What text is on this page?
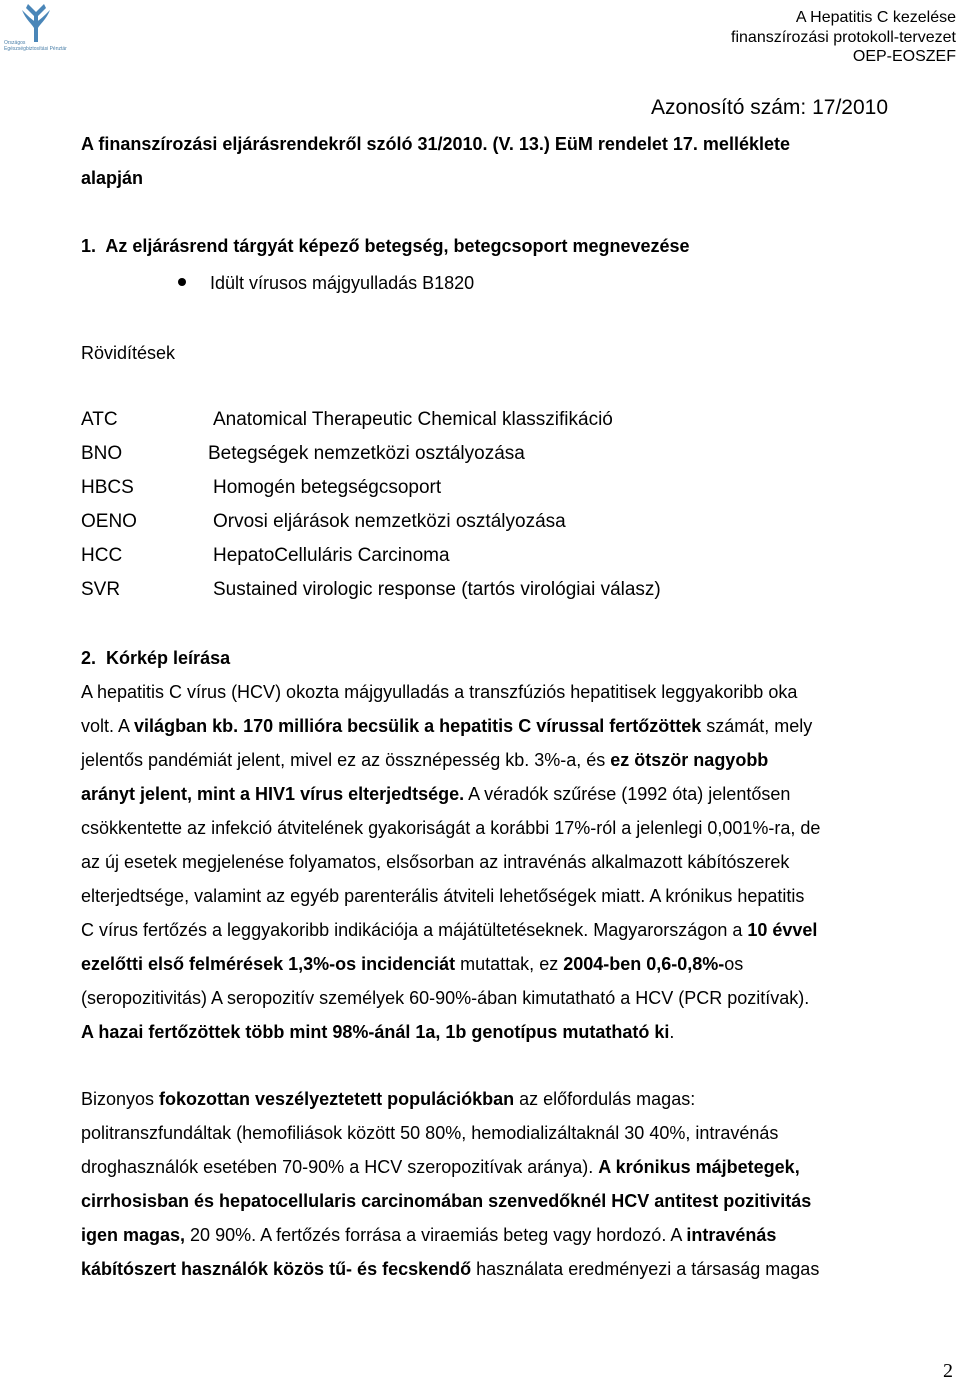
Országos Egészségbiztosítási Pénztár
A Hepatitis C kezelése
finanszírozási protokoll-tervezet
OEP-EOSZEF
Azonosító szám: 17/2010
A finanszírozási eljárásrendekről szóló 31/2010. (V. 13.) EüM rendelet 17. melléklete
alapján
1. Az eljárásrend tárgyát képező betegség, betegcsoport megnevezése
Idült vírusos májgyulladás B1820
Rövidítések
ATC	Anatomical Therapeutic Chemical klasszifikáció
BNO	Betegségek nemzetközi osztályozása
HBCS	Homogén betegségcsoport
OENO	Orvosi eljárások nemzetközi osztályozása
HCC	HepatoCelluláris Carcinoma
SVR	Sustained virologic response (tartós virológiai válasz)
2. Kórkép leírása
A hepatitis C vírus (HCV) okozta májgyulladás a transzfúziós hepatitisek leggyakoribb oka
volt. A világban kb. 170 millióra becsülik a hepatitis C vírussal fertőzöttek számát, mely
jelentős pandémiát jelent, mivel ez az össznépesség kb. 3%-a, és ez ötször nagyobb
arányt jelent, mint a HIV1 vírus elterjedtsége. A véradók szűrése (1992 óta) jelentősen
csökkentette az infekció átvitelének gyakoriságát a korábbi 17%-ról a jelenlegi 0,001%-ra, de
az új esetek megjelenése folyamatos, elsősorban az intravénás alkalmazott kábítószerek
elterjedtsége, valamint az egyéb parenterális átviteli lehetőségek miatt. A krónikus hepatitis
C vírus fertőzés a leggyakoribb indikációja a májátültetéseknek. Magyarországon a 10 évvel
ezelőtti első felmérések 1,3%-os incidenciát mutattak, ez 2004-ben 0,6-0,8%-os
(seropozitivitás) A seropozitív személyek 60-90%-ában kimutatható a HCV (PCR pozitívak).
A hazai fertőzöttek több mint 98%-ánál 1a, 1b genotípus mutatható ki.
Bizonyos fokozottan veszélyeztetett populációkban az előfordulás magas:
politranszfundáltak (hemofiliások között 50 80%, hemodializáltaknál 30 40%, intravénás
droghasználók esetében 70-90% a HCV szeropozitívak aránya). A krónikus májbetegek,
cirrhosisban és hepatocellularis carcinomában szenvedőknél HCV antitest pozitivitás
igen magas, 20 90%. A fertőzés forrása a viraemiás beteg vagy hordozó. A intravénás
kábítószert használók közös tű- és fecskendő használata eredményezi a társaság magas
2
